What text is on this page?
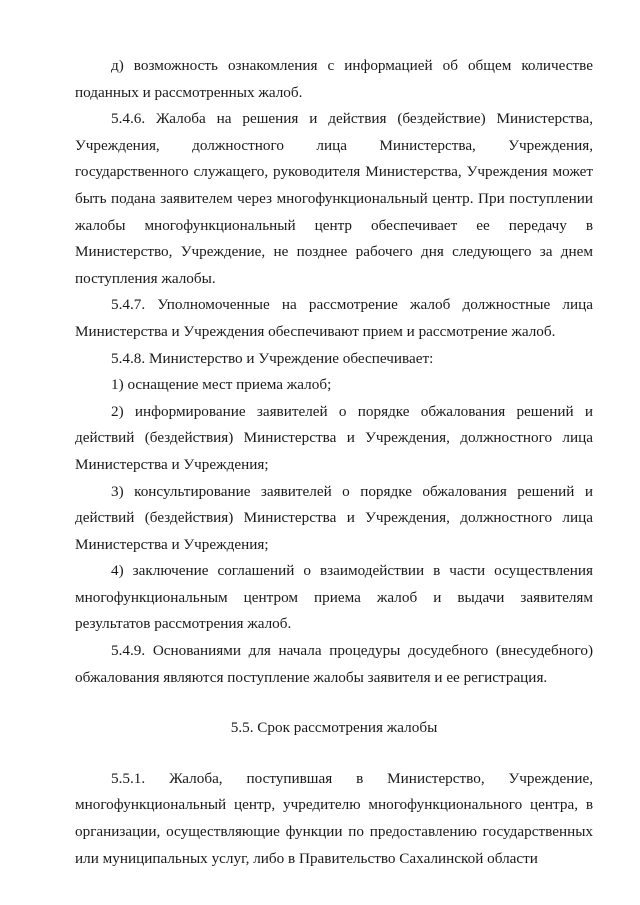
д) возможность ознакомления с информацией об общем количестве поданных и рассмотренных жалоб.

5.4.6. Жалоба на решения и действия (бездействие) Министерства, Учреждения, должностного лица Министерства, Учреждения, государственного служащего, руководителя Министерства, Учреждения может быть подана заявителем через многофункциональный центр. При поступлении жалобы многофункциональный центр обеспечивает ее передачу в Министерство, Учреждение, не позднее рабочего дня следующего за днем поступления жалобы.

5.4.7. Уполномоченные на рассмотрение жалоб должностные лица Министерства и Учреждения обеспечивают прием и рассмотрение жалоб.

5.4.8. Министерство и Учреждение обеспечивает:

1) оснащение мест приема жалоб;

2) информирование заявителей о порядке обжалования решений и действий (бездействия) Министерства и Учреждения, должностного лица Министерства и Учреждения;

3) консультирование заявителей о порядке обжалования решений и действий (бездействия) Министерства и Учреждения, должностного лица Министерства и Учреждения;

4) заключение соглашений о взаимодействии в части осуществления многофункциональным центром приема жалоб и выдачи заявителям результатов рассмотрения жалоб.

5.4.9. Основаниями для начала процедуры досудебного (внесудебного) обжалования являются поступление жалобы заявителя и ее регистрация.

5.5. Срок рассмотрения жалобы

5.5.1. Жалоба, поступившая в Министерство, Учреждение, многофункциональный центр, учредителю многофункционального центра, в организации, осуществляющие функции по предоставлению государственных или муниципальных услуг, либо в Правительство Сахалинской области
